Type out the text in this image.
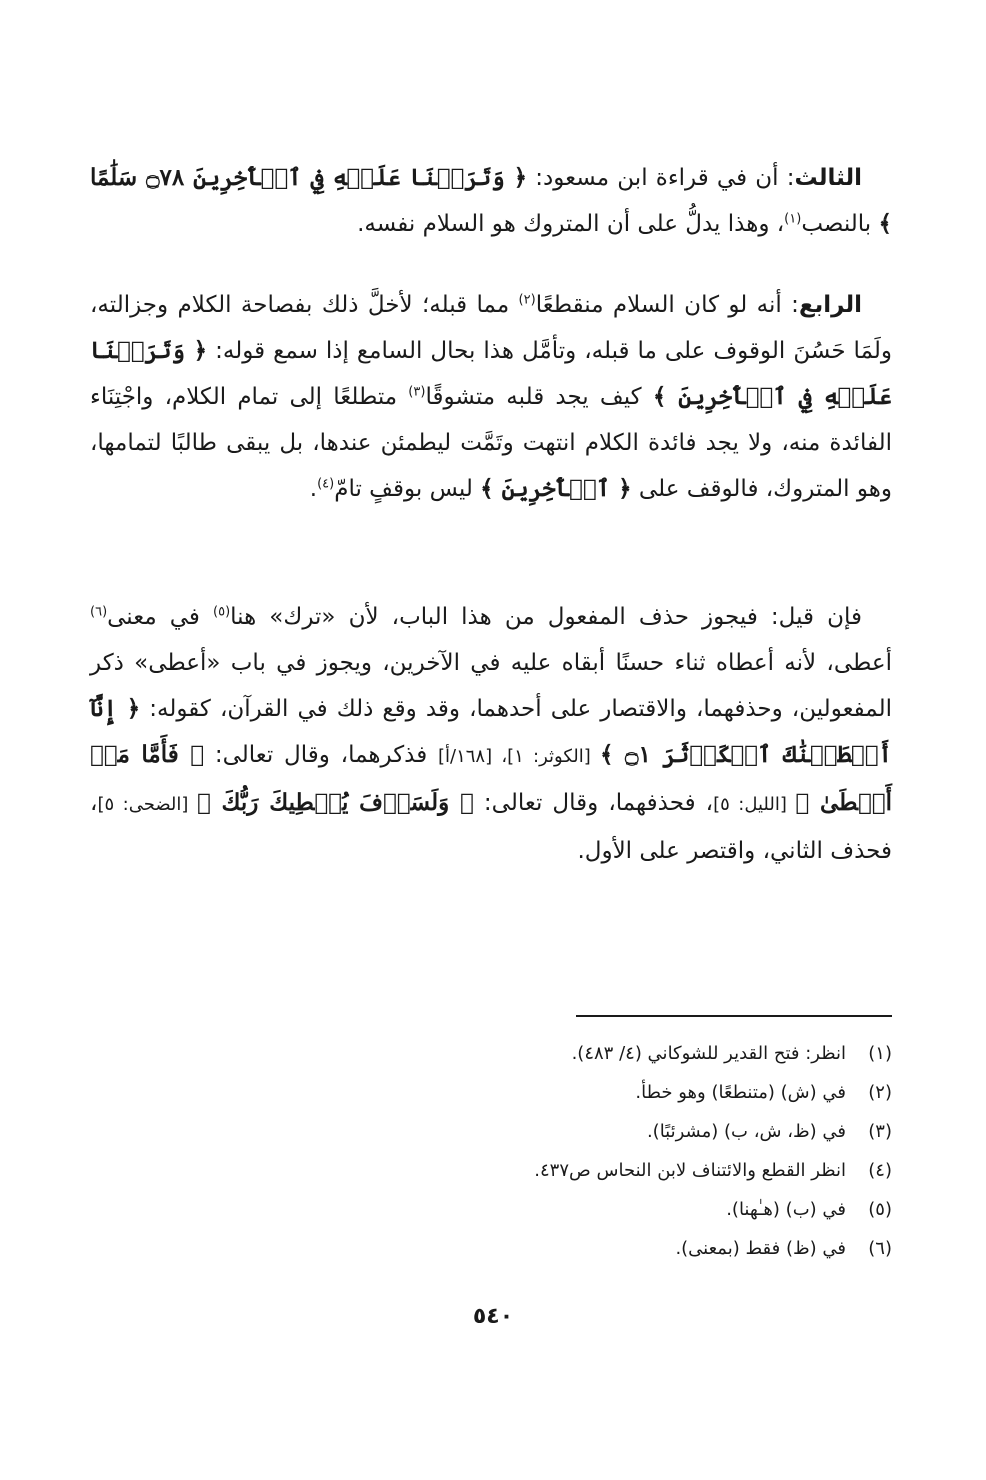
الثالث: أن في قراءة ابن مسعود: ﴿ وَتَرَكۡنَا عَلَيۡهِ فِي ٱلۡأٓخِرِينَ ۝٧٨ سَلَٰمًا ﴾ بالنصب$^{(١)}$، وهذا يدلُّ على أن المتروك هو السلام نفسه.

الرابع: أنه لو كان السلام منقطعًا$^{(٢)}$ مما قبله؛ لأخلَّ ذلك بفصاحة الكلام وجزالته، ولَمَا حَسُنَ الوقوف على ما قبله، وتأمَّل هذا بحال السامع إذا سمع قوله: ﴿ وَتَرَكۡنَا عَلَيۡهِ فِي ٱلۡأٓخِرِينَ ﴾ كيف يجد قلبه متشوقًا$^{(٣)}$ متطلعًا إلى تمام الكلام، واجْتِنَاء الفائدة منه، ولا يجد فائدة الكلام انتهت وتَمَّت ليطمئن عندها، بل يبقى طالبًا لتمامها، وهو المتروك، فالوقف على ﴿ ٱلۡأٓخِرِينَ ﴾ ليس بوقفٍ تامّ$^{(٤)}$.

فإن قيل: فيجوز حذف المفعول من هذا الباب، لأن «ترك» هنا$^{(٥)}$ في معنى$^{(٦)}$ أعطى، لأنه أعطاه ثناء حسنًا أبقاه عليه في الآخرين، ويجوز في باب «أعطى» ذكر المفعولين، وحذفهما، والاقتصار على أحدهما، وقد وقع ذلك في القرآن، كقوله: ﴿ إِنَّآ أَعۡطَيۡنَٰكَ ٱلۡكَوۡثَرَ ۝١ ﴾ [الكوثر: ١]، [١٦٨/أ] فذكرهما، وقال تعالى: ﴿ فَأَمَّا مَنۡ أَعۡطَىٰ ﴾ [الليل: ٥]، فحذفهما، وقال تعالى: ﴿ وَلَسَوۡفَ يُعۡطِيكَ رَبُّكَ ﴾ [الضحى: ٥]، فحذف الثاني، واقتصر على الأول.

(١)انظر: فتح القدير للشوكاني (٤/ ٤٨٣).
(٢)في (ش) (متنطعًا) وهو خطأ.
(٣)في (ظ، ش، ب) (مشرئبًا).
(٤)انظر القطع والائتناف لابن النحاس ص٤٣٧.
(٥)في (ب) (هـٰهنا).
(٦)في (ظ) فقط (بمعنى).
٥٤٠
